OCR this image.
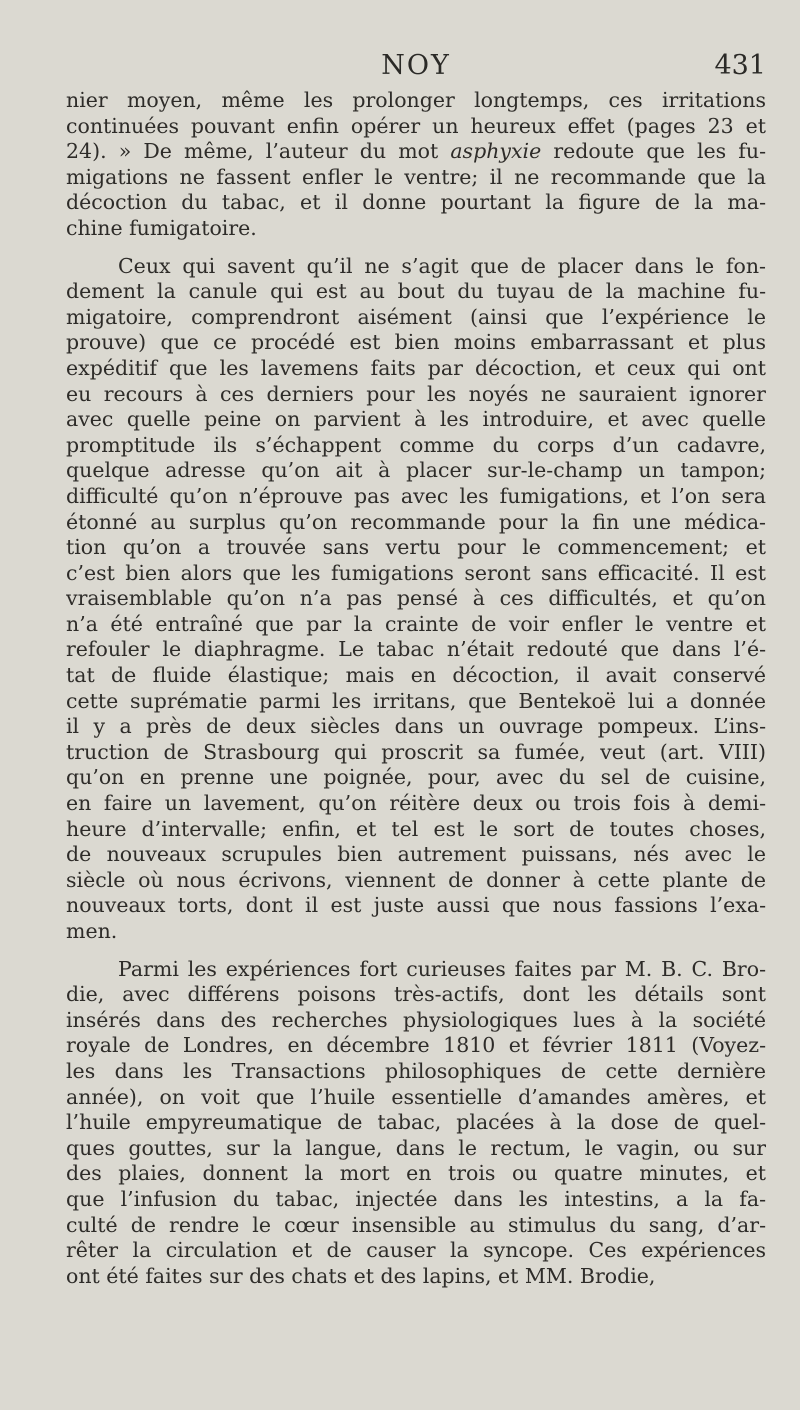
NOY	431
nier moyen, même les prolonger longtemps, ces irritations
continuées pouvant enfin opérer un heureux effet (pages 23 et
24). » De même, l’auteur du mot asphyxie redoute que les fu-
migations ne fassent enfler le ventre; il ne recommande que la
décoction du tabac, et il donne pourtant la figure de la ma-
chine fumigatoire.
Ceux qui savent qu’il ne s’agit que de placer dans le fon-
dement la canule qui est au bout du tuyau de la machine fu-
migatoire, comprendront aisément (ainsi que l’expérience le
prouve) que ce procédé est bien moins embarrassant et plus
expéditif que les lavemens faits par décoction, et ceux qui ont
eu recours à ces derniers pour les noyés ne sauraient ignorer
avec quelle peine on parvient à les introduire, et avec quelle
promptitude ils s’échappent comme du corps d’un cadavre,
quelque adresse qu’on ait à placer sur-le-champ un tampon;
difficulté qu’on n’éprouve pas avec les fumigations, et l’on sera
étonné au surplus qu’on recommande pour la fin une médica-
tion qu’on a trouvée sans vertu pour le commencement; et
c’est bien alors que les fumigations seront sans efficacité. Il est
vraisemblable qu’on n’a pas pensé à ces difficultés, et qu’on
n’a été entraîné que par la crainte de voir enfler le ventre et
refouler le diaphragme. Le tabac n’était redouté que dans l’é-
tat de fluide élastique; mais en décoction, il avait conservé
cette suprématie parmi les irritans, que Bentekoë lui a donnée
il y a près de deux siècles dans un ouvrage pompeux. L’ins-
truction de Strasbourg qui proscrit sa fumée, veut (art. VIII)
qu’on en prenne une poignée, pour, avec du sel de cuisine,
en faire un lavement, qu’on réitère deux ou trois fois à demi-
heure d’intervalle; enfin, et tel est le sort de toutes choses,
de nouveaux scrupules bien autrement puissans, nés avec le
siècle où nous écrivons, viennent de donner à cette plante de
nouveaux torts, dont il est juste aussi que nous fassions l’exa-
men.
Parmi les expériences fort curieuses faites par M. B. C. Bro-
die, avec différens poisons très-actifs, dont les détails sont
insérés dans des recherches physiologiques lues à la société
royale de Londres, en décembre 1810 et février 1811 (Voyez-
les dans les Transactions philosophiques de cette dernière
année), on voit que l’huile essentielle d’amandes amères, et
l’huile empyreumatique de tabac, placées à la dose de quel-
ques gouttes, sur la langue, dans le rectum, le vagin, ou sur
des plaies, donnent la mort en trois ou quatre minutes, et
que l’infusion du tabac, injectée dans les intestins, a la fa-
culté de rendre le cœur insensible au stimulus du sang, d’ar-
rêter la circulation et de causer la syncope. Ces expériences
ont été faites sur des chats et des lapins, et MM. Brodie,
